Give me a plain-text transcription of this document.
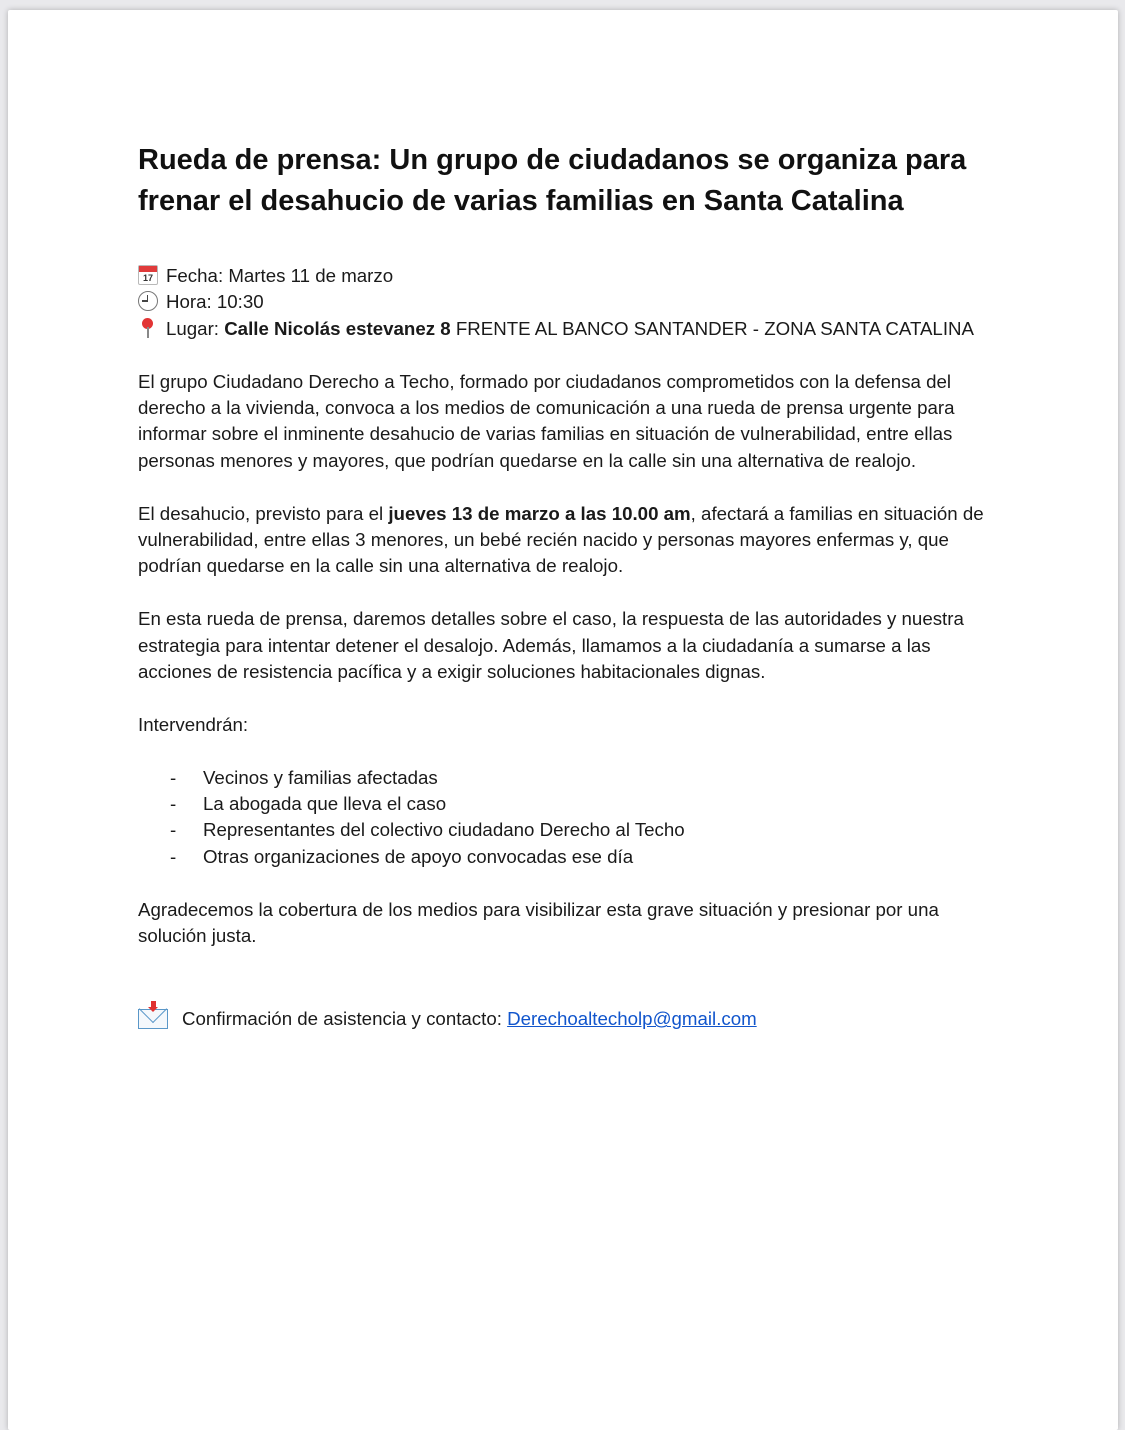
Rueda de prensa: Un grupo de ciudadanos se organiza para frenar el desahucio de varias familias en Santa Catalina
17 Fecha: Martes 11 de marzo
Hora: 10:30
Lugar: Calle Nicolás estevanez 8 FRENTE AL BANCO SANTANDER - ZONA SANTA CATALINA

El grupo Ciudadano Derecho a Techo, formado por ciudadanos comprometidos con la defensa del derecho a la vivienda, convoca a los medios de comunicación a una rueda de prensa urgente para informar sobre el inminente desahucio de varias familias en situación de vulnerabilidad, entre ellas personas menores y mayores, que podrían quedarse en la calle sin una alternativa de realojo.

El desahucio, previsto para el jueves 13 de marzo a las 10.00 am, afectará a familias en situación de vulnerabilidad, entre ellas 3 menores, un bebé recién nacido y personas mayores enfermas y, que podrían quedarse en la calle sin una alternativa de realojo.

En esta rueda de prensa, daremos detalles sobre el caso, la respuesta de las autoridades y nuestra estrategia para intentar detener el desalojo. Además, llamamos a la ciudadanía a sumarse a las acciones de resistencia pacífica y a exigir soluciones habitacionales dignas.

Intervendrán:

- Vecinos y familias afectadas
- La abogada que lleva el caso
- Representantes del colectivo ciudadano Derecho al Techo
- Otras organizaciones de apoyo convocadas ese día

Agradecemos la cobertura de los medios para visibilizar esta grave situación y presionar por una solución justa.

Confirmación de asistencia y contacto: Derechoaltecholp@gmail.com
